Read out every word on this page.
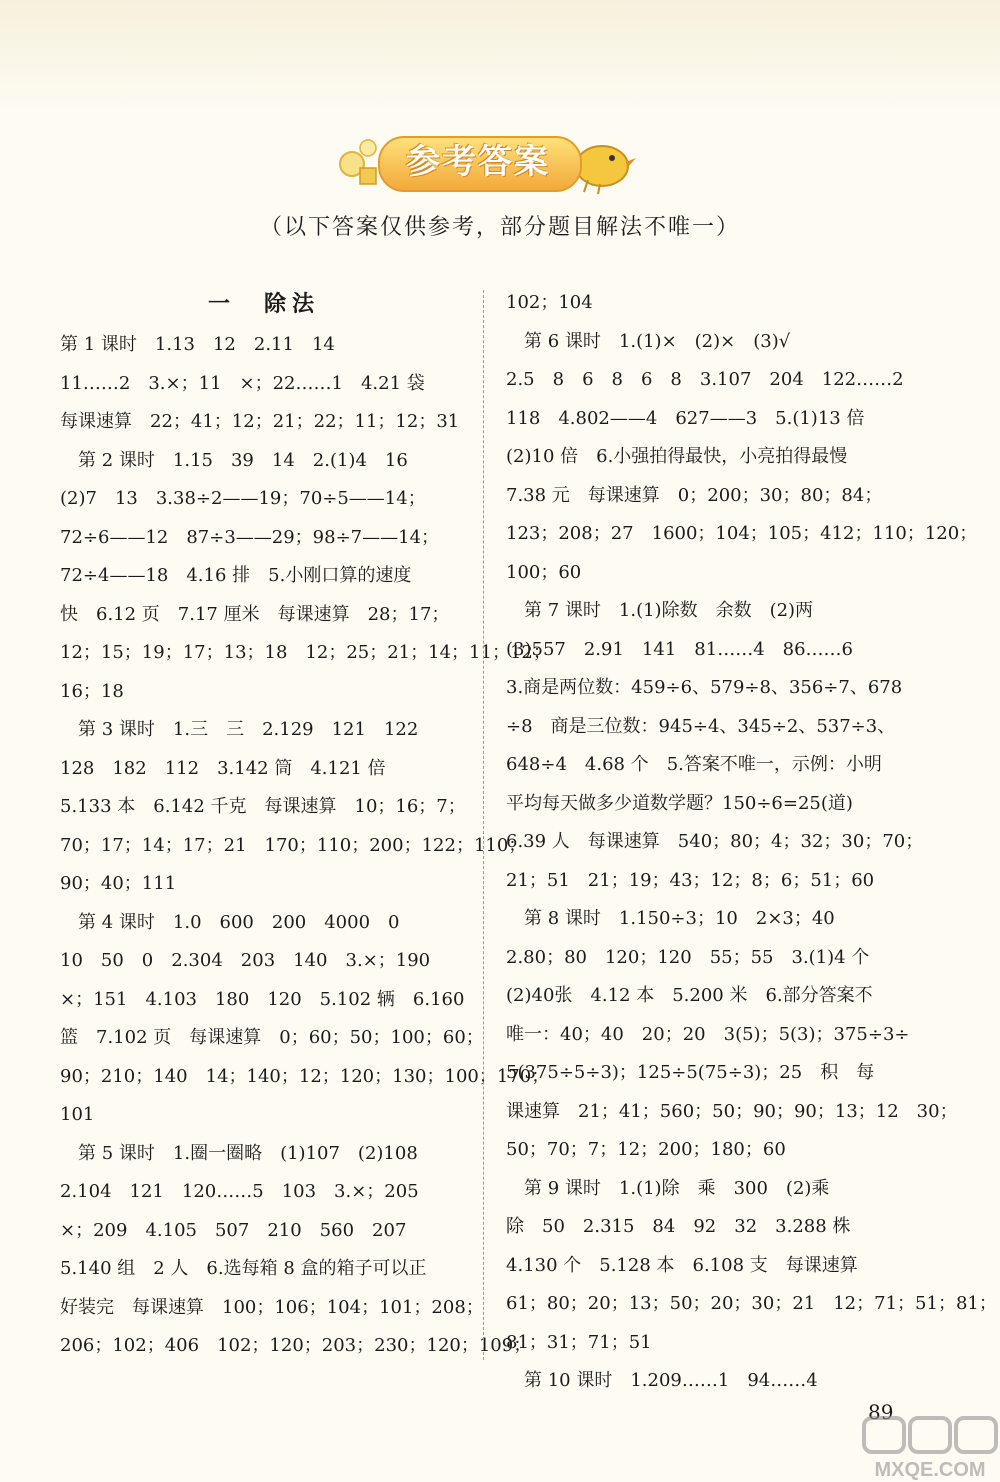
参考答案
（以下答案仅供参考，部分题目解法不唯一）
一　除法
第 1 课时　1.13　12　2.11　14
11……2　3.×；11　×；22……1　4.21 袋
每课速算　22；41；12；21；22；11；12；31
　第 2 课时　1.15　39　14　2.(1)4　16
(2)7　13　3.38÷2——19；70÷5——14；
72÷6——12　87÷3——29；98÷7——14；
72÷4——18　4.16 排　5.小刚口算的速度
快　6.12 页　7.17 厘米　每课速算　28；17；
12；15；19；17；13；18　12；25；21；14；11；12；
16；18
　第 3 课时　1.三　三　2.129　121　122
128　182　112　3.142 筒　4.121 倍
5.133 本　6.142 千克　每课速算　10；16；7；
70；17；14；17；21　170；110；200；122；110；
90；40；111
　第 4 课时　1.0　600　200　4000　0
10　50　0　2.304　203　140　3.×；190
×；151　4.103　180　120　5.102 辆　6.160
篮　7.102 页　每课速算　0；60；50；100；60；
90；210；140　14；140；12；120；130；100；170；
101
　第 5 课时　1.圈一圈略　(1)107　(2)108
2.104　121　120……5　103　3.×；205
×；209　4.105　507　210　560　207
5.140 组　2 人　6.选每箱 8 盒的箱子可以正
好装完　每课速算　100；106；104；101；208；
206；102；406　102；120；203；230；120；109；
102；104
　第 6 课时　1.(1)×　(2)×　(3)√
2.5　8　6　8　6　8　3.107　204　122……2
118　4.802——4　627——3　5.(1)13 倍
(2)10 倍　6.小强拍得最快，小亮拍得最慢
7.38 元　每课速算　0；200；30；80；84；
123；208；27　1600；104；105；412；110；120；
100；60
　第 7 课时　1.(1)除数　余数　(2)两
(3)557　2.91　141　81……4　86……6
3.商是两位数：459÷6、579÷8、356÷7、678
÷8　商是三位数：945÷4、345÷2、537÷3、
648÷4　4.68 个　5.答案不唯一，示例：小明
平均每天做多少道数学题？150÷6=25(道)
6.39 人　每课速算　540；80；4；32；30；70；
21；51　21；19；43；12；8；6；51；60
　第 8 课时　1.150÷3；10　2×3；40
2.80；80　120；120　55；55　3.(1)4 个
(2)40张　4.12 本　5.200 米　6.部分答案不
唯一：40；40　20；20　3(5)；5(3)；375÷3÷
5(375÷5÷3)；125÷5(75÷3)；25　积　每
课速算　21；41；560；50；90；90；13；12　30；
50；70；7；12；200；180；60
　第 9 课时　1.(1)除　乘　300　(2)乘
除　50　2.315　84　92　32　3.288 株
4.130 个　5.128 本　6.108 支　每课速算
61；80；20；13；50；20；30；21　12；71；51；81；
81；31；71；51
　第 10 课时　1.209……1　94……4
89
MXQE.COM
